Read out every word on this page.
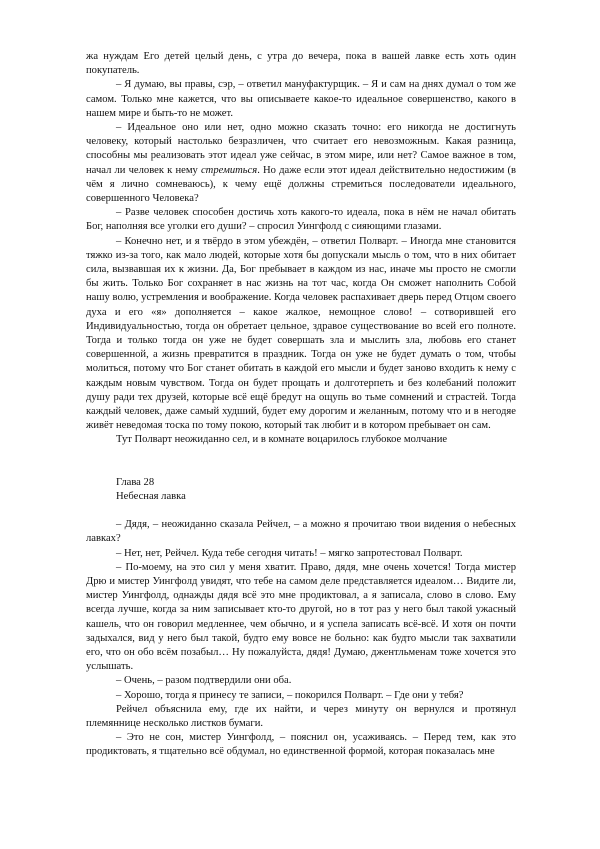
жа нуждам Его детей целый день, с утра до вечера, пока в вашей лавке есть хоть один покупатель.

– Я думаю, вы правы, сэр, – ответил мануфактурщик. – Я и сам на днях думал о том же самом. Только мне кажется, что вы описываете какое-то идеальное совершенство, какого в нашем мире и быть-то не может.

– Идеальное оно или нет, одно можно сказать точно: его никогда не достигнуть человеку, который настолько безразличен, что считает его невозможным. Какая разница, способны мы реализовать этот идеал уже сейчас, в этом мире, или нет? Самое важное в том, начал ли человек к нему стремиться. Но даже если этот идеал действительно недостижим (в чём я лично сомневаюсь), к чему ещё должны стремиться последователи идеального, совершенного Человека?

– Разве человек способен достичь хоть какого-то идеала, пока в нём не начал обитать Бог, наполняя все уголки его души? – спросил Уингфолд с сияющими глазами.

– Конечно нет, и я твёрдо в этом убеждён, – ответил Полварт. – Иногда мне становится тяжко из-за того, как мало людей, которые хотя бы допускали мысль о том, что в них обитает сила, вызвавшая их к жизни. Да, Бог пребывает в каждом из нас, иначе мы просто не смогли бы жить. Только Бог сохраняет в нас жизнь на тот час, когда Он сможет наполнить Собой нашу волю, устремления и воображение. Когда человек распахивает дверь перед Отцом своего духа и его «я» дополняется – какое жалкое, немощное слово! – сотворившей его Индивидуальностью, тогда он обретает цельное, здравое существование во всей его полноте. Тогда и только тогда он уже не будет совершать зла и мыслить зла, любовь его станет совершенной, а жизнь превратится в праздник. Тогда он уже не будет думать о том, чтобы молиться, потому что Бог станет обитать в каждой его мысли и будет заново входить к нему с каждым новым чувством. Тогда он будет прощать и долготерпеть и без колебаний положит душу ради тех друзей, которые всё ещё бредут на ощупь во тьме сомнений и страстей. Тогда каждый человек, даже самый худший, будет ему дорогим и желанным, потому что и в негодяе живёт неведомая тоска по тому покою, который так любит и в котором пребывает он сам.

Тут Полварт неожиданно сел, и в комнате воцарилось глубокое молчание

Глава 28
Небесная лавка

– Дядя, – неожиданно сказала Рейчел, – а можно я прочитаю твои видения о небесных лавках?

– Нет, нет, Рейчел. Куда тебе сегодня читать! – мягко запротестовал Полварт.

– По-моему, на это сил у меня хватит. Право, дядя, мне очень хочется! Тогда мистер Дрю и мистер Уингфолд увидят, что тебе на самом деле представляется идеалом… Видите ли, мистер Уингфолд, однажды дядя всё это мне продиктовал, а я записала, слово в слово. Ему всегда лучше, когда за ним записывает кто-то другой, но в тот раз у него был такой ужасный кашель, что он говорил медленнее, чем обычно, и я успела записать всё-всё. И хотя он почти задыхался, вид у него был такой, будто ему вовсе не больно: как будто мысли так захватили его, что он обо всём позабыл… Ну пожалуйста, дядя! Думаю, джентльменам тоже хочется это услышать.

– Очень, – разом подтвердили они оба.

– Хорошо, тогда я принесу те записи, – покорился Полварт. – Где они у тебя?

Рейчел объяснила ему, где их найти, и через минуту он вернулся и протянул племяннице несколько листков бумаги.

– Это не сон, мистер Уингфолд, – пояснил он, усаживаясь. – Перед тем, как это продиктовать, я тщательно всё обдумал, но единственной формой, которая показалась мне
